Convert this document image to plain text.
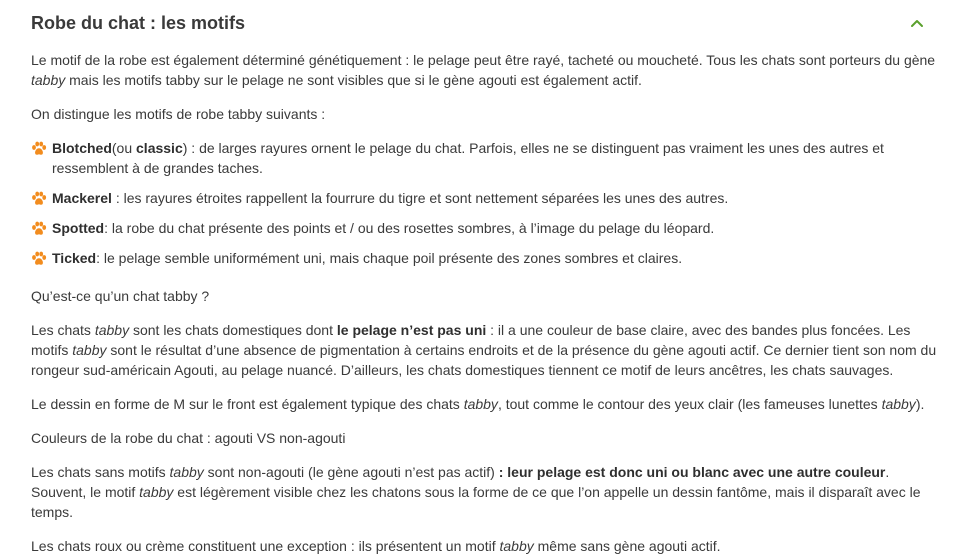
Robe du chat : les motifs

Le motif de la robe est également déterminé génétiquement : le pelage peut être rayé, tacheté ou moucheté. Tous les chats sont porteurs du gène tabby mais les motifs tabby sur le pelage ne sont visibles que si le gène agouti est également actif.

On distingue les motifs de robe tabby suivants :

Blotched(ou classic) : de larges rayures ornent le pelage du chat. Parfois, elles ne se distinguent pas vraiment les unes des autres et ressemblent à de grandes taches.
Mackerel : les rayures étroites rappellent la fourrure du tigre et sont nettement séparées les unes des autres.
Spotted: la robe du chat présente des points et / ou des rosettes sombres, à l’image du pelage du léopard.
Ticked: le pelage semble uniformément uni, mais chaque poil présente des zones sombres et claires.

Qu’est-ce qu’un chat tabby ?

Les chats tabby sont les chats domestiques dont le pelage n’est pas uni : il a une couleur de base claire, avec des bandes plus foncées. Les motifs tabby sont le résultat d’une absence de pigmentation à certains endroits et de la présence du gène agouti actif. Ce dernier tient son nom du rongeur sud-américain Agouti, au pelage nuancé. D’ailleurs, les chats domestiques tiennent ce motif de leurs ancêtres, les chats sauvages.

Le dessin en forme de M sur le front est également typique des chats tabby, tout comme le contour des yeux clair (les fameuses lunettes tabby).

Couleurs de la robe du chat : agouti VS non-agouti

Les chats sans motifs tabby sont non-agouti (le gène agouti n’est pas actif) : leur pelage est donc uni ou blanc avec une autre couleur. Souvent, le motif tabby est légèrement visible chez les chatons sous la forme de ce que l’on appelle un dessin fantôme, mais il disparaît avec le temps.

Les chats roux ou crème constituent une exception : ils présentent un motif tabby même sans gène agouti actif.
